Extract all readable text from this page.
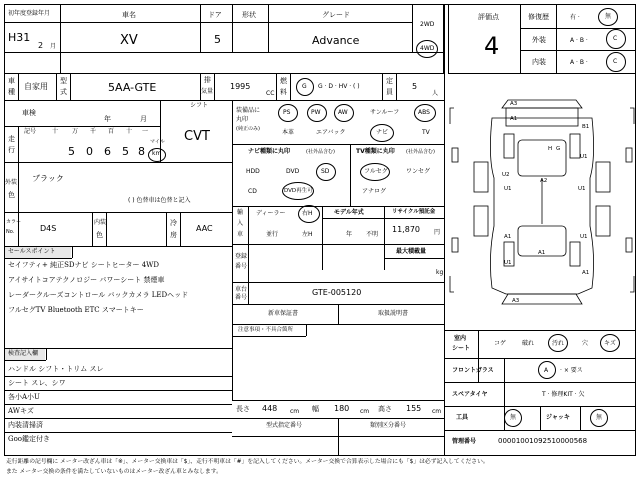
初年度登録年月
H31
2 月
車名
XV
ドア
5
形状	グレード
Advance
2WD
4WD
車
種
自家用
型
式	5AA-GTE
排
気量
1995
CC
燃
料
G G · D · HV · ( )
定
員
5
人
評価点
4
修復歴	有 ·	無
外装	A · B ·	C
内装	A · B ·	C
車検
年	月
シフト
CVT
走
行
記号	十 万 千 百 十 一
5 0 6 5 8
マイル
km
外装
色
ブラック
( ) 色替車は色替と記入
カラー
No.	D4S
内装
色
冷
房
AAC
セールスポイント
セイフティ+ 純正SDナビ シートヒーター 4WD
アイサイトコアテクノロジー パワーシート 禁煙車
レーダークルーズコントロール バックカメラ LEDヘッド
フルセグTV Bluetooth ETC スマートキー
検査記入欄
ハンドル シフト・トリム スレ
シート スレ、シワ
各小A小U
AWキズ
内装清掃済
Goo鑑定付き
装備品に
丸印
(純正のみ)
PS	PW	AW	サンルーフ	ABS
本革	エアバック	ナビ	TV
ナビ種類に丸印	(社外品含む)
HDD	DVD	SD
CD	DVD再生可
TV種類に丸印 (社外品含む)
フルセグ	ワンセグ
アナログ
輸
入
車
ディーラー
並行
右H
左H
モデル年式
年 不明
リサイクル預託金
11,870 円
最大積載量
kg
登録
番号
車台
番号
GTE-005120
新車保証書	取扱説明書
注意事項・不具合箇所
長さ 448 cm 幅 180 cm 高さ 155 cm
型式指定番号	類別区分番号
A3
A1
B1
U1
U2
U1
A2
H G
U1
A1
A3
A1
U1
U1
A1
室内
シート
コゲ	破れ	汚れ	穴	キズ
フロントガラス	A · × 要ス
スペアタイヤ	T · 修理KIT · 欠
工具	無	ジャッキ	無
管理番号	00001001092510000568
走行距離の記号欄に メーター改ざん車は「※」、メーター交換車は「$」、走行不明車は「#」を記入してください。メーター交換で合算表示した場合にも「$」は必ず記入してください。
また メーター交換の条件を満たしていないものはメーター改ざん車とみなします。
